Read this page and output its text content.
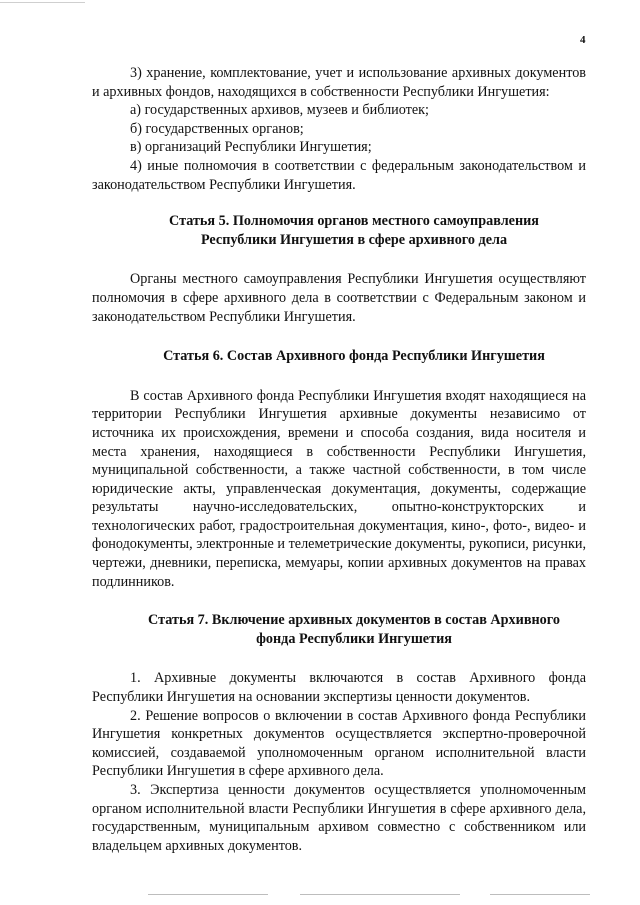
4

3) хранение, комплектование, учет и использование архивных документов и архивных фондов, находящихся в собственности Республики Ингушетия:

а) государственных архивов, музеев и библиотек;

б) государственных органов;

в) организаций Республики Ингушетия;

4) иные полномочия в соответствии с федеральным законодательством и законодательством Республики Ингушетия.

Статья 5. Полномочия органов местного самоуправления
Республики Ингушетия в сфере архивного дела

Органы местного самоуправления Республики Ингушетия осуществляют полномочия в сфере архивного дела в соответствии с Федеральным законом и законодательством Республики Ингушетия.

Статья 6. Состав Архивного фонда Республики Ингушетия

В состав Архивного фонда Республики Ингушетия входят находящиеся на территории Республики Ингушетия архивные документы независимо от источника их происхождения, времени и способа создания, вида носителя и места хранения, находящиеся в собственности Республики Ингушетия, муниципальной собственности, а также частной собственности, в том числе юридические акты, управленческая документация, документы, содержащие результаты научно-исследовательских, опытно-конструкторских и технологических работ, градостроительная документация, кино-, фото-, видео- и фонодокументы, электронные и телеметрические документы, рукописи, рисунки, чертежи, дневники, переписка, мемуары, копии архивных документов на правах подлинников.

Статья 7. Включение архивных документов в состав Архивного
фонда Республики Ингушетия

1. Архивные документы включаются в состав Архивного фонда Республики Ингушетия на основании экспертизы ценности документов.

2. Решение вопросов о включении в состав Архивного фонда Республики Ингушетия конкретных документов осуществляется экспертно-проверочной комиссией, создаваемой уполномоченным органом исполнительной власти Республики Ингушетия в сфере архивного дела.

3. Экспертиза ценности документов осуществляется уполномоченным органом исполнительной власти Республики Ингушетия в сфере архивного дела, государственным, муниципальным архивом совместно с собственником или владельцем архивных документов.
